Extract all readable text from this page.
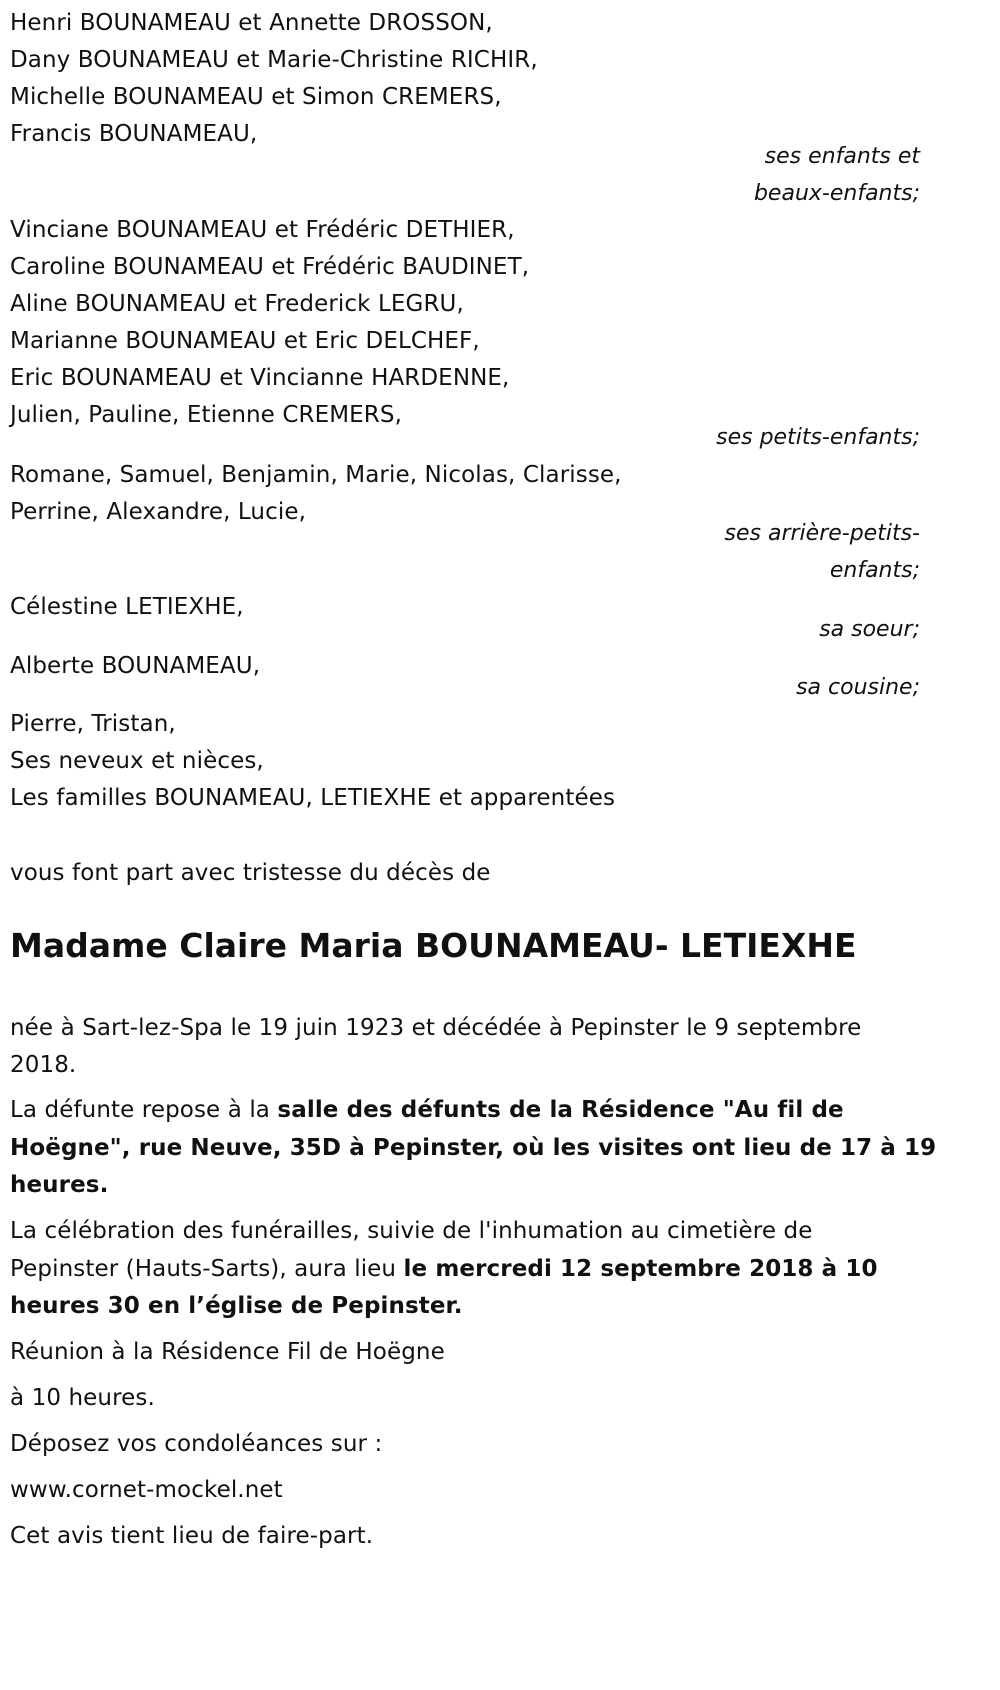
Henri BOUNAMEAU et Annette DROSSON,
Dany BOUNAMEAU et Marie-Christine RICHIR,
Michelle BOUNAMEAU et Simon CREMERS,
Francis BOUNAMEAU,
ses enfants et
beaux-enfants;
Vinciane BOUNAMEAU et Frédéric DETHIER,
Caroline BOUNAMEAU et Frédéric BAUDINET,
Aline BOUNAMEAU et Frederick LEGRU,
Marianne BOUNAMEAU et Eric DELCHEF,
Eric BOUNAMEAU et Vincianne HARDENNE,
Julien, Pauline, Etienne CREMERS,
ses petits-enfants;
Romane, Samuel, Benjamin, Marie, Nicolas, Clarisse,
Perrine, Alexandre, Lucie,
ses arrière-petits-
enfants;
Célestine LETIEXHE,
sa soeur;
Alberte BOUNAMEAU,
sa cousine;
Pierre, Tristan,
Ses neveux et nièces,
Les familles BOUNAMEAU, LETIEXHE et apparentées
vous font part avec tristesse du décès de
Madame Claire Maria BOUNAMEAU- LETIEXHE
née à Sart-lez-Spa le 19 juin 1923 et décédée à Pepinster le 9 septembre
2018.
La défunte repose à la salle des défunts de la Résidence "Au fil de
Hoëgne", rue Neuve, 35D à Pepinster, où les visites ont lieu de 17 à 19
heures.
La célébration des funérailles, suivie de l'inhumation au cimetière de
Pepinster (Hauts-Sarts), aura lieu le mercredi 12 septembre 2018 à 10
heures 30 en l’église de Pepinster.
Réunion à la Résidence Fil de Hoëgne
à 10 heures.
Déposez vos condoléances sur :
www.cornet-mockel.net
Cet avis tient lieu de faire-part.
